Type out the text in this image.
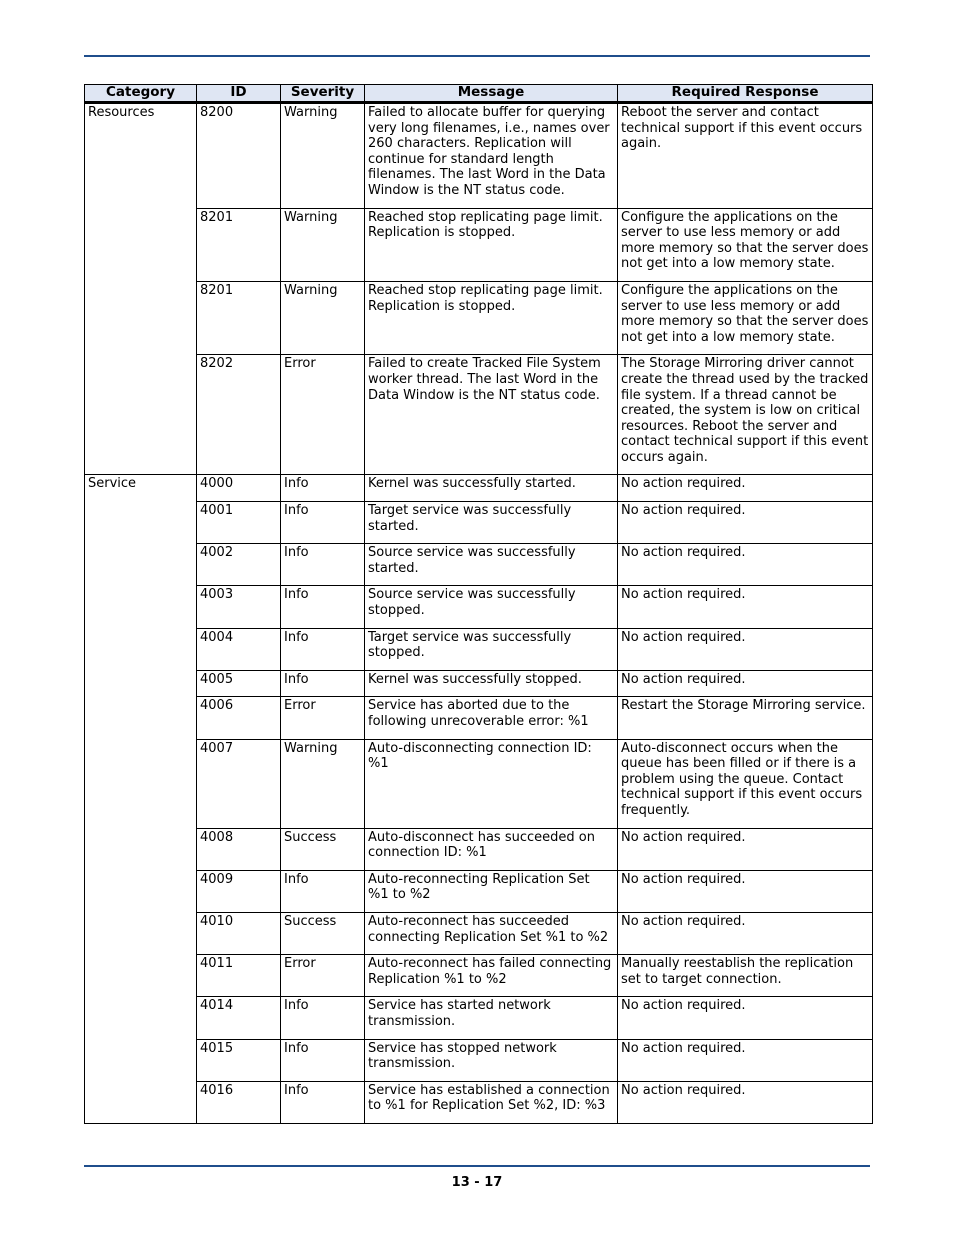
Category	ID	Severity	Message	Required Response
Resources	8200	Warning	Failed to allocate buffer for querying very long filenames, i.e., names over 260 characters. Replication will continue for standard length filenames. The last Word in the Data Window is the NT status code.	Reboot the server and contact technical support if this event occurs again.
	8201	Warning	Reached stop replicating page limit. Replication is stopped.	Configure the applications on the server to use less memory or add more memory so that the server does not get into a low memory state.
	8201	Warning	Reached stop replicating page limit. Replication is stopped.	Configure the applications on the server to use less memory or add more memory so that the server does not get into a low memory state.
	8202	Error	Failed to create Tracked File System worker thread. The last Word in the Data Window is the NT status code.	The Storage Mirroring driver cannot create the thread used by the tracked file system. If a thread cannot be created, the system is low on critical resources. Reboot the server and contact technical support if this event occurs again.
Service	4000	Info	Kernel was successfully started.	No action required.
	4001	Info	Target service was successfully started.	No action required.
	4002	Info	Source service was successfully started.	No action required.
	4003	Info	Source service was successfully stopped.	No action required.
	4004	Info	Target service was successfully stopped.	No action required.
	4005	Info	Kernel was successfully stopped.	No action required.
	4006	Error	Service has aborted due to the following unrecoverable error: %1	Restart the Storage Mirroring service.
	4007	Warning	Auto-disconnecting connection ID: %1	Auto-disconnect occurs when the queue has been filled or if there is a problem using the queue. Contact technical support if this event occurs frequently.
	4008	Success	Auto-disconnect has succeeded on connection ID: %1	No action required.
	4009	Info	Auto-reconnecting Replication Set %1 to %2	No action required.
	4010	Success	Auto-reconnect has succeeded connecting Replication Set %1 to %2	No action required.
	4011	Error	Auto-reconnect has failed connecting Replication %1 to %2	Manually reestablish the replication set to target connection.
	4014	Info	Service has started network transmission.	No action required.
	4015	Info	Service has stopped network transmission.	No action required.
	4016	Info	Service has established a connection to %1 for Replication Set %2, ID: %3	No action required.
13 - 17
